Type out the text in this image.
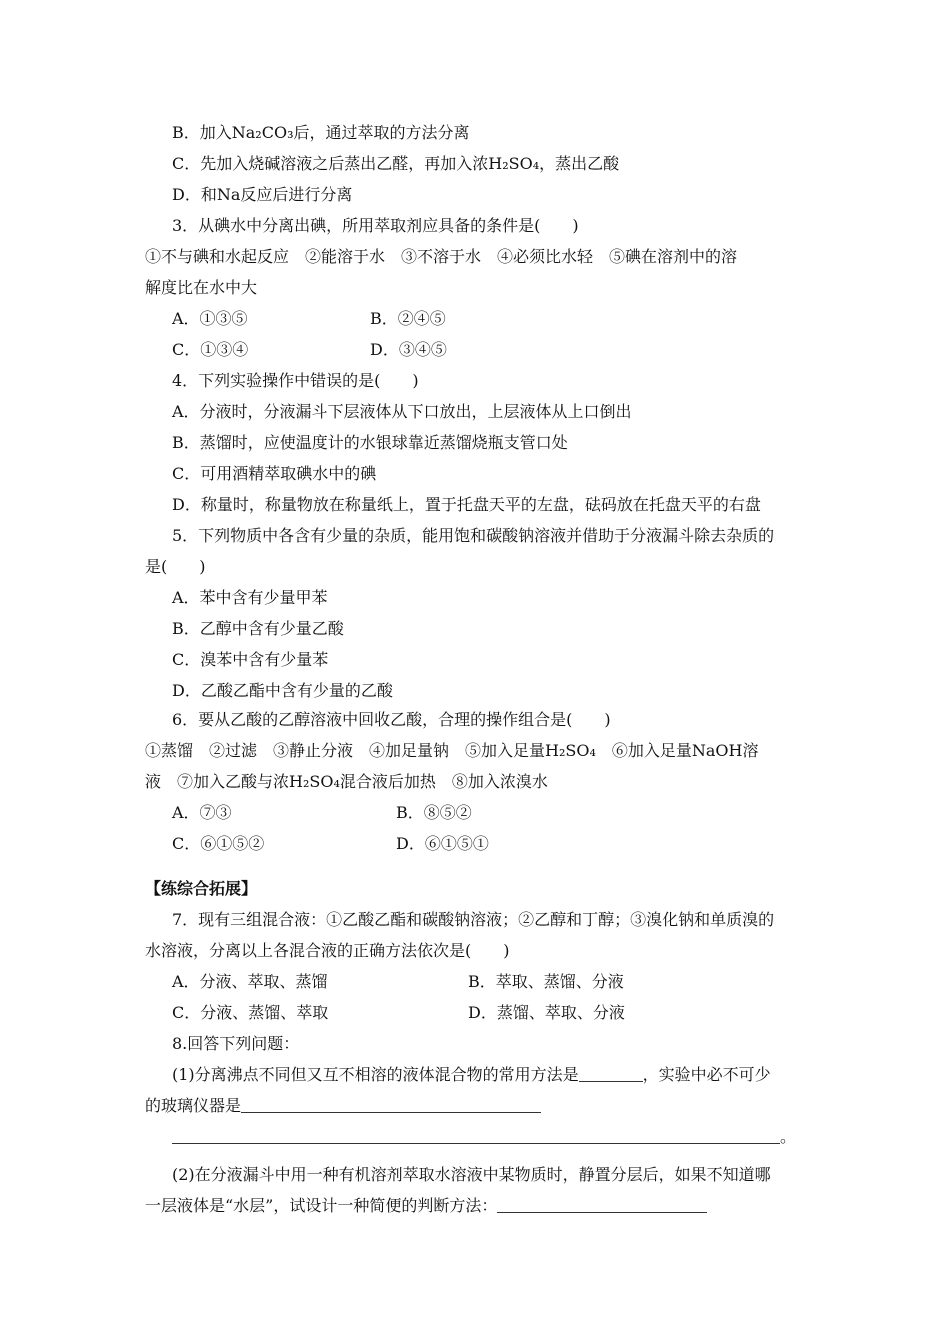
B．加入Na₂CO₃后，通过萃取的方法分离
C．先加入烧碱溶液之后蒸出乙醛，再加入浓H₂SO₄，蒸出乙酸
D．和Na反应后进行分离
3．从碘水中分离出碘，所用萃取剂应具备的条件是(　　)
①不与碘和水起反应　②能溶于水　③不溶于水　④必须比水轻　⑤碘在溶剂中的溶
解度比在水中大
A．①③⑤	B．②④⑤
C．①③④	D．③④⑤
4．下列实验操作中错误的是(　　)
A．分液时，分液漏斗下层液体从下口放出，上层液体从上口倒出
B．蒸馏时，应使温度计的水银球靠近蒸馏烧瓶支管口处
C．可用酒精萃取碘水中的碘
D．称量时，称量物放在称量纸上，置于托盘天平的左盘，砝码放在托盘天平的右盘
5．下列物质中各含有少量的杂质，能用饱和碳酸钠溶液并借助于分液漏斗除去杂质的
是(　　)
A．苯中含有少量甲苯
B．乙醇中含有少量乙酸
C．溴苯中含有少量苯
D．乙酸乙酯中含有少量的乙酸
6．要从乙酸的乙醇溶液中回收乙酸，合理的操作组合是(　　)
①蒸馏　②过滤　③静止分液　④加足量钠　⑤加入足量H₂SO₄　⑥加入足量NaOH溶
液　⑦加入乙酸与浓H₂SO₄混合液后加热　⑧加入浓溴水
A．⑦③	B．⑧⑤②
C．⑥①⑤②	D．⑥①⑤①
【练综合拓展】
7．现有三组混合液：①乙酸乙酯和碳酸钠溶液；②乙醇和丁醇；③溴化钠和单质溴的
水溶液，分离以上各混合液的正确方法依次是(　　)
A．分液、萃取、蒸馏	B．萃取、蒸馏、分液
C．分液、蒸馏、萃取	D．蒸馏、萃取、分液
8.回答下列问题：
(1)分离沸点不同但又互不相溶的液体混合物的常用方法是	，实验中必不可少
的玻璃仪器是
。
(2)在分液漏斗中用一种有机溶剂萃取水溶液中某物质时，静置分层后，如果不知道哪
一层液体是“水层”，试设计一种简便的判断方法：
